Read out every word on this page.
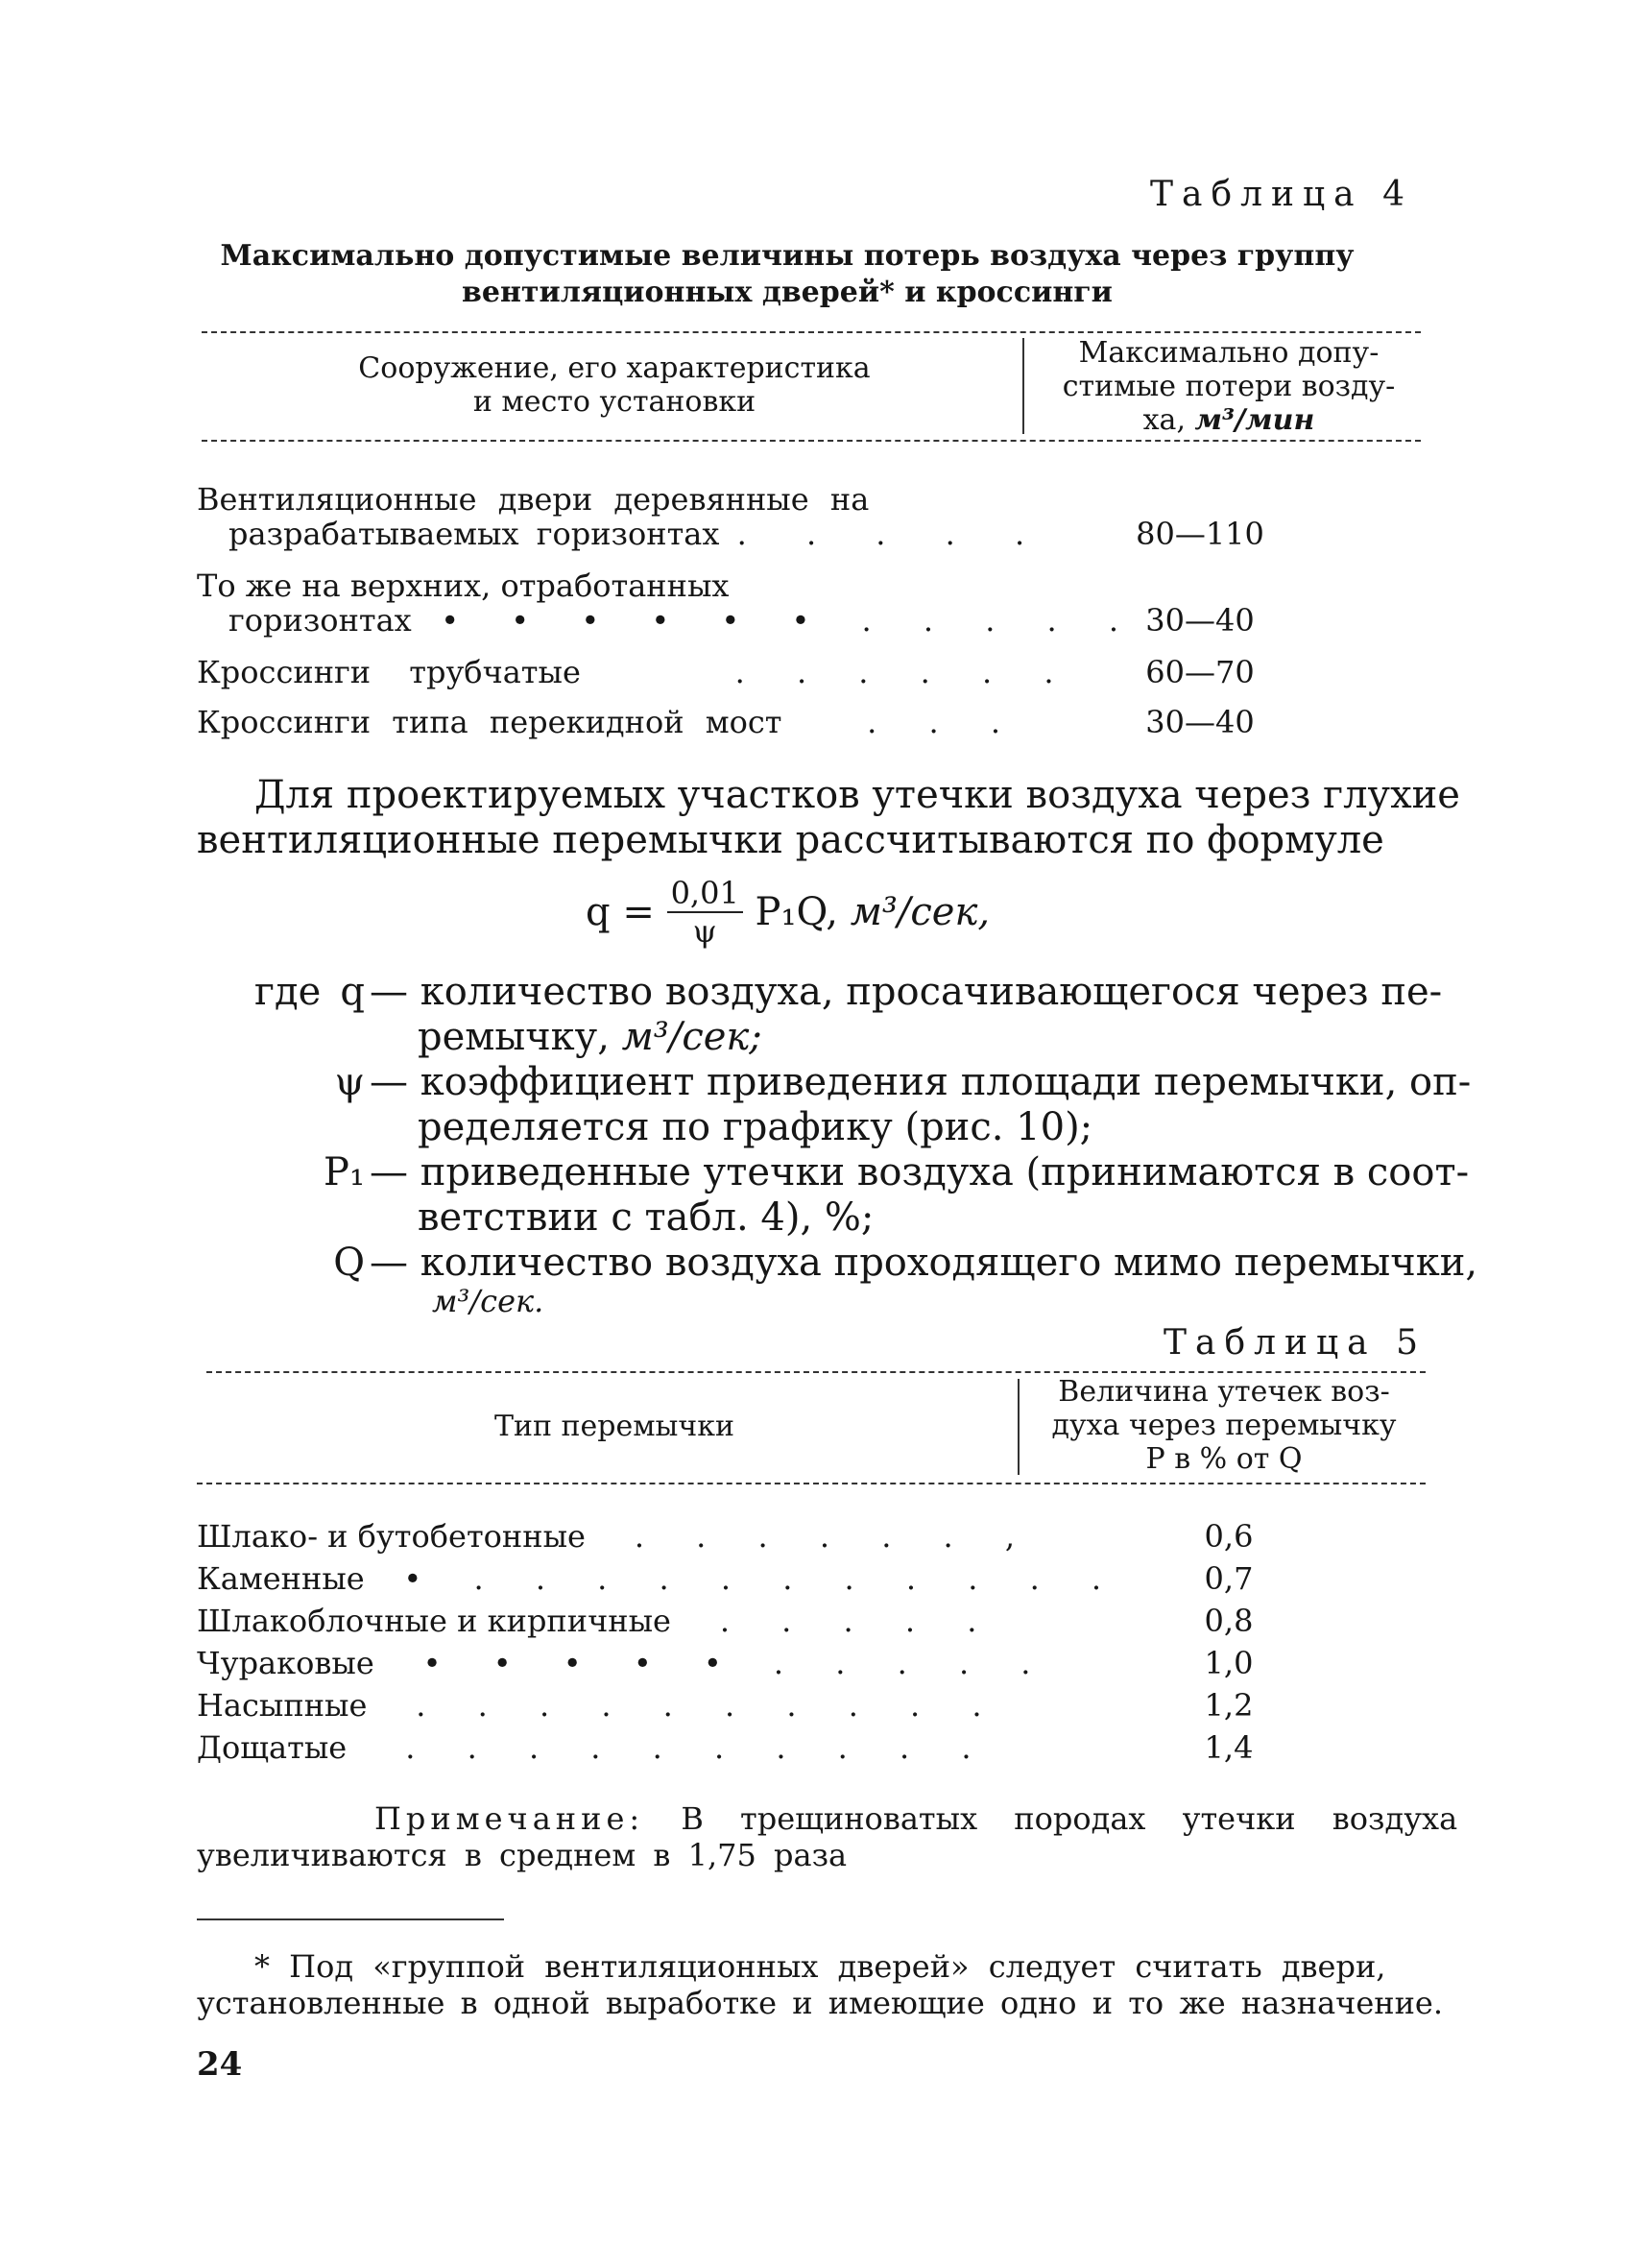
Таблица 4
Максимально допустимые величины потерь воздуха через группу
вентиляционных дверей* и кроссинги
Сооружение, его характеристика
и место установки
Максимально допу-
стимые потери возду-
ха, м³/мин
Вентиляционные двери деревянные на
разрабатываемых горизонтах . . . . .	80—110
То же на верхних, отработанных
горизонтах • • • • • • . . . . . 30—40
Кроссинги трубчатые	. . . . . .	60—70
Кроссинги типа перекидной мост	. . .	30—40
Для проектируемых участков утечки воздуха через глухие
вентиляционные перемычки рассчитываются по формуле
q =
$\frac{0,01}{\psi}$
P₁Q,
м³/сек,
где q — количество воздуха, просачивающегося через пе-
ремычку, м³/сек;
ψ — коэффициент приведения площади перемычки, оп-
ределяется по графику (рис. 10);
P₁ — приведенные утечки воздуха (принимаются в соот-
ветствии с табл. 4), %;
Q — количество воздуха проходящего мимо перемычки,
м³/сек.
Таблица 5
Тип перемычки
Величина утечек воз-
духа через перемычку
P в % от Q
Шлако- и бутобетонные . . . . . . ,	0,6
Каменные • . . . . . . . . . . .	0,7
Шлакоблочные и кирпичные . . . . .	0,8
Чураковые • • • • • . . . . .	1,0
Насыпные . . . . . . . . . .	1,2
Дощатые . . . . . . . . . .	1,4
Примечание: В трещиноватых породах утечки воздуха
увеличиваются в среднем в 1,75 раза
* Под «группой вентиляционных дверей» следует считать двери,
установленные в одной выработке и имеющие одно и то же назначение.
24
